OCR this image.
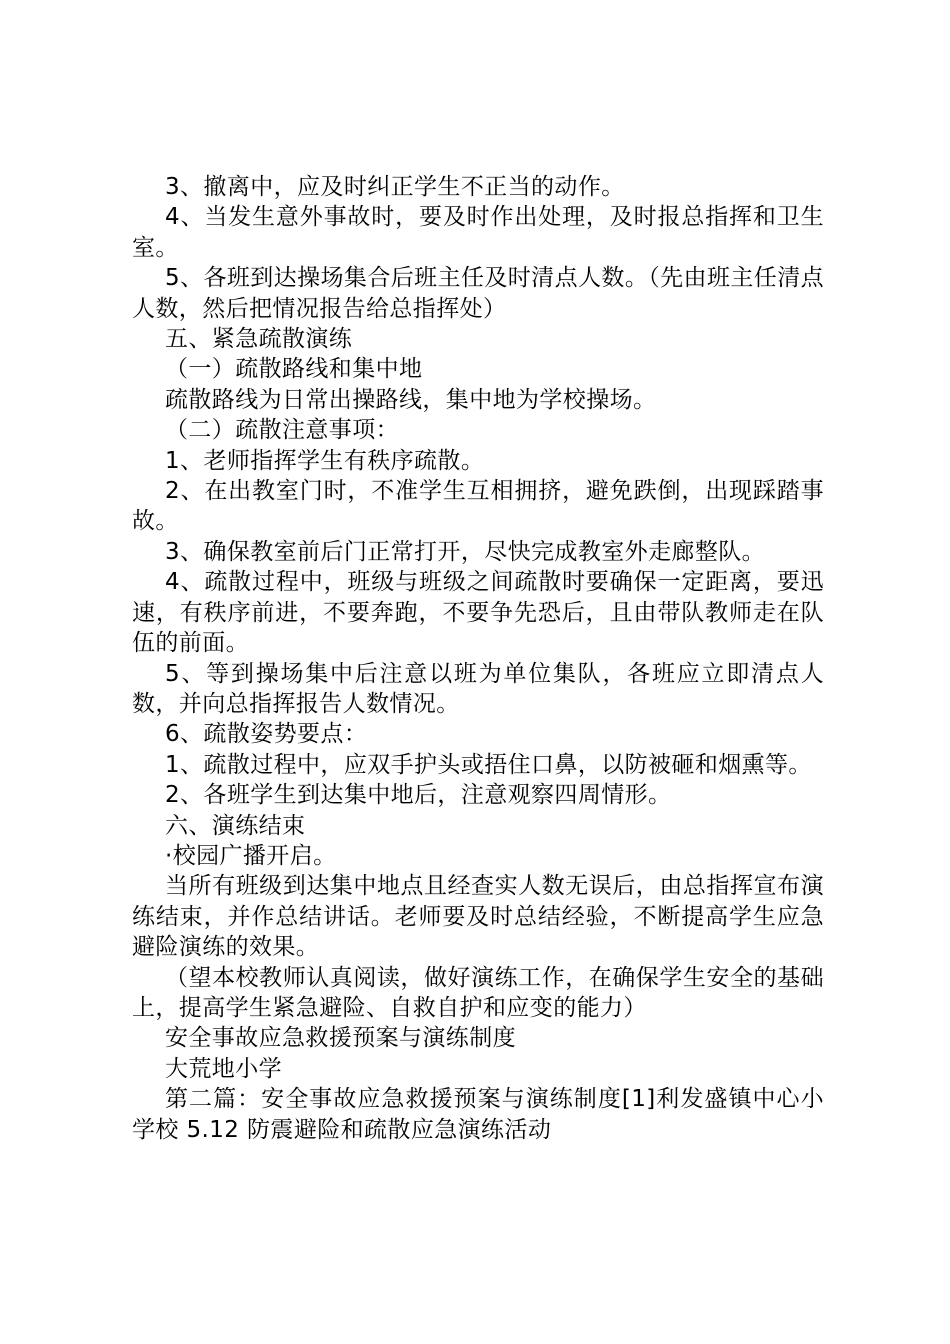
3、撤离中，应及时纠正学生不正当的动作。

4、当发生意外事故时，要及时作出处理，及时报总指挥和卫生室。

5、各班到达操场集合后班主任及时清点人数。（先由班主任清点人数，然后把情况报告给总指挥处）

五、紧急疏散演练

（一）疏散路线和集中地

疏散路线为日常出操路线，集中地为学校操场。

（二）疏散注意事项：

1、老师指挥学生有秩序疏散。

2、在出教室门时，不准学生互相拥挤，避免跌倒，出现踩踏事故。

3、确保教室前后门正常打开，尽快完成教室外走廊整队。

4、疏散过程中，班级与班级之间疏散时要确保一定距离，要迅速，有秩序前进，不要奔跑，不要争先恐后，且由带队教师走在队伍的前面。

5、等到操场集中后注意以班为单位集队，各班应立即清点人数，并向总指挥报告人数情况。

6、疏散姿势要点：

1、疏散过程中，应双手护头或捂住口鼻，以防被砸和烟熏等。

2、各班学生到达集中地后，注意观察四周情形。

六、演练结束

·校园广播开启。

当所有班级到达集中地点且经查实人数无误后，由总指挥宣布演练结束，并作总结讲话。老师要及时总结经验，不断提高学生应急避险演练的效果。

（望本校教师认真阅读，做好演练工作，在确保学生安全的基础上，提高学生紧急避险、自救自护和应变的能力）

安全事故应急救援预案与演练制度

大荒地小学

第二篇：安全事故应急救援预案与演练制度[1]利发盛镇中心小学校 5.12 防震避险和疏散应急演练活动
